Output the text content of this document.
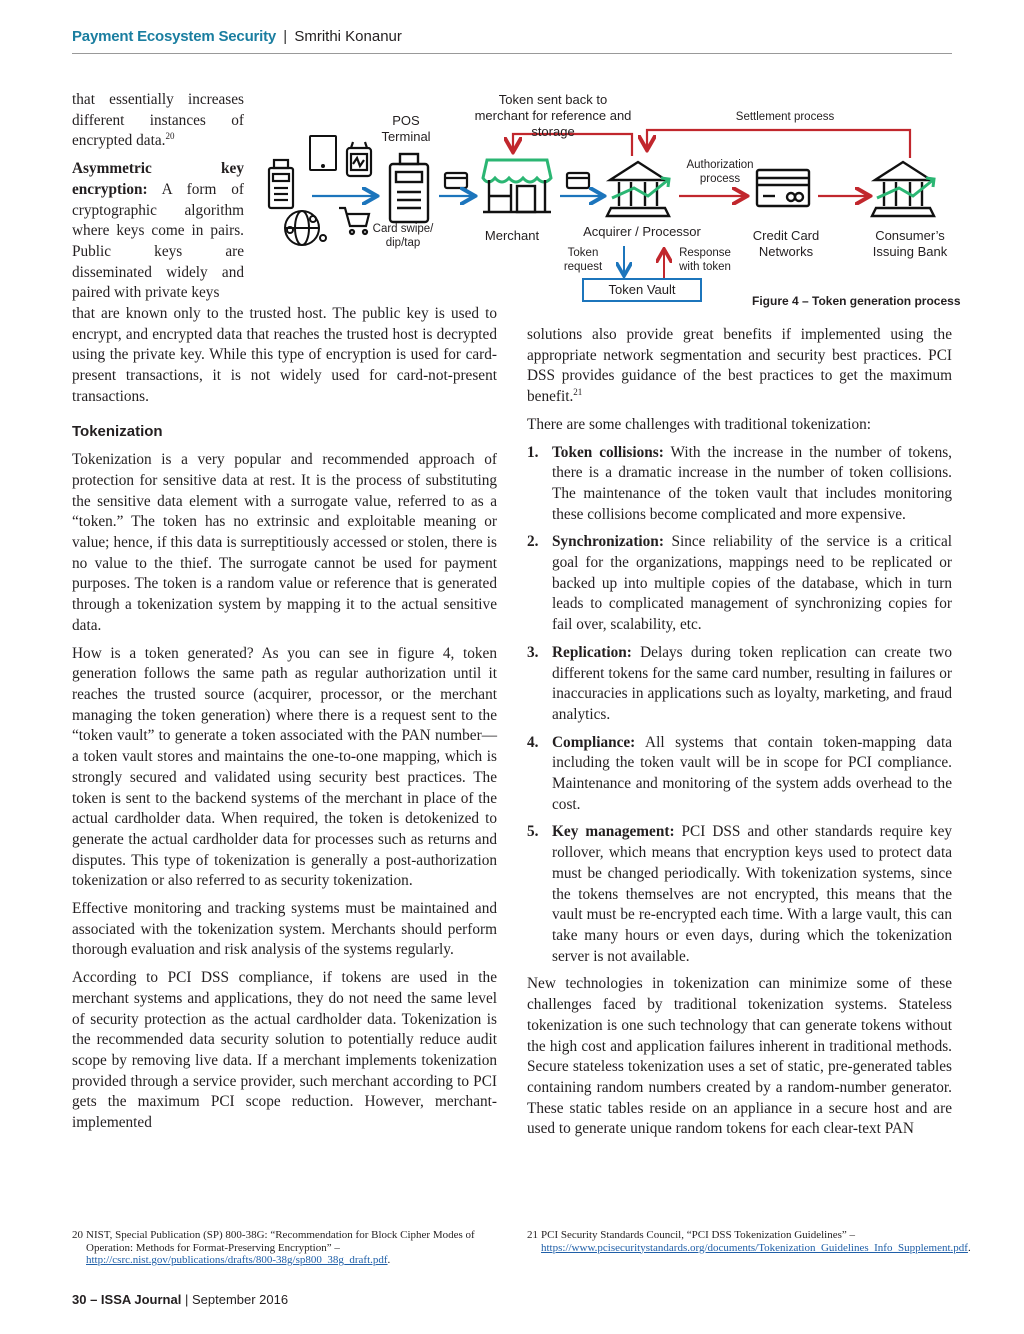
Payment Ecosystem Security | Smrithi Konanur
Token sent back to merchant for reference and storage
POS Terminal
Card swipe/ dip/tap	Merchant	Acquirer / Processor
Settlement process
Authorization process
Credit Card Networks
Consumer’s Issuing Bank
Token request
Response with token
Token Vault
Figure 4 – Token generation process

that essentially increases different instances of encrypted data.$^{20}$

Asymmetric key encryption: A form of cryptographic algorithm where keys come in pairs. Public keys are disseminated widely and paired with private keys

that are known only to the trusted host. The public key is used to encrypt, and encrypted data that reaches the trusted host is decrypted using the private key. While this type of encryption is used for card-present transactions, it is not widely used for card-not-present transactions.

Tokenization

Tokenization is a very popular and recommended approach of protection for sensitive data at rest. It is the process of substituting the sensitive data element with a surrogate value, referred to as a “token.” The token has no extrinsic and exploitable meaning or value; hence, if this data is surreptitiously accessed or stolen, there is no value to the thief. The surrogate cannot be used for payment purposes. The token is a random value or reference that is generated through a tokenization system by mapping it to the actual sensitive data.

How is a token generated? As you can see in figure 4, token generation follows the same path as regular authorization until it reaches the trusted source (acquirer, processor, or the merchant managing the token generation) where there is a request sent to the “token vault” to generate a token associated with the PAN number—a token vault stores and maintains the one-to-one mapping, which is strongly secured and validated using security best practices. The token is sent to the backend systems of the merchant in place of the actual cardholder data. When required, the token is detokenized to generate the actual cardholder data for processes such as returns and disputes. This type of tokenization is generally a post-authorization tokenization or also referred to as security tokenization.

Effective monitoring and tracking systems must be maintained and associated with the tokenization system. Merchants should perform thorough evaluation and risk analysis of the systems regularly.

According to PCI DSS compliance, if tokens are used in the merchant systems and applications, they do not need the same level of security protection as the actual cardholder data. Tokenization is the recommended data security solution to potentially reduce audit scope by removing live data. If a merchant implements tokenization provided through a service provider, such merchant according to PCI gets the maximum PCI scope reduction. However, merchant-implemented

solutions also provide great benefits if implemented using the appropriate network segmentation and security best practices. PCI DSS provides guidance of the best practices to get the maximum benefit.$^{21}$

There are some challenges with traditional tokenization:

1. Token collisions: With the increase in the number of tokens, there is a dramatic increase in the number of token collisions. The maintenance of the token vault that includes monitoring these collisions become complicated and more expensive.
2. Synchronization: Since reliability of the service is a critical goal for the organizations, mappings need to be replicated or backed up into multiple copies of the database, which in turn leads to complicated management of synchronizing copies for fail over, scalability, etc.
3. Replication: Delays during token replication can create two different tokens for the same card number, resulting in failures or inaccuracies in applications such as loyalty, marketing, and fraud analytics.
4. Compliance: All systems that contain token-mapping data including the token vault will be in scope for PCI compliance. Maintenance and monitoring of the system adds overhead to the cost.
5. Key management: PCI DSS and other standards require key rollover, which means that encryption keys used to protect data must be changed periodically. With tokenization systems, since the tokens themselves are not encrypted, this means that the vault must be re-encrypted each time. With a large vault, this can take many hours or even days, during which the tokenization server is not available.

New technologies in tokenization can minimize some of these challenges faced by traditional tokenization systems. Stateless tokenization is one such technology that can generate tokens without the high cost and application failures inherent in traditional methods. Secure stateless tokenization uses a set of static, pre-generated tables containing random numbers created by a random-number generator. These static tables reside on an appliance in a secure host and are used to generate unique random tokens for each clear-text PAN

20 NIST, Special Publication (SP) 800-38G: “Recommendation for Block Cipher Modes of Operation: Methods for Format-Preserving Encryption” – http://csrc.nist.gov/publications/drafts/800-38g/sp800_38g_draft.pdf.
21 PCI Security Standards Council, “PCI DSS Tokenization Guidelines” – https://www.pcisecuritystandards.org/documents/Tokenization_Guidelines_Info_Supplement.pdf.
30 – ISSA Journal | September 2016
